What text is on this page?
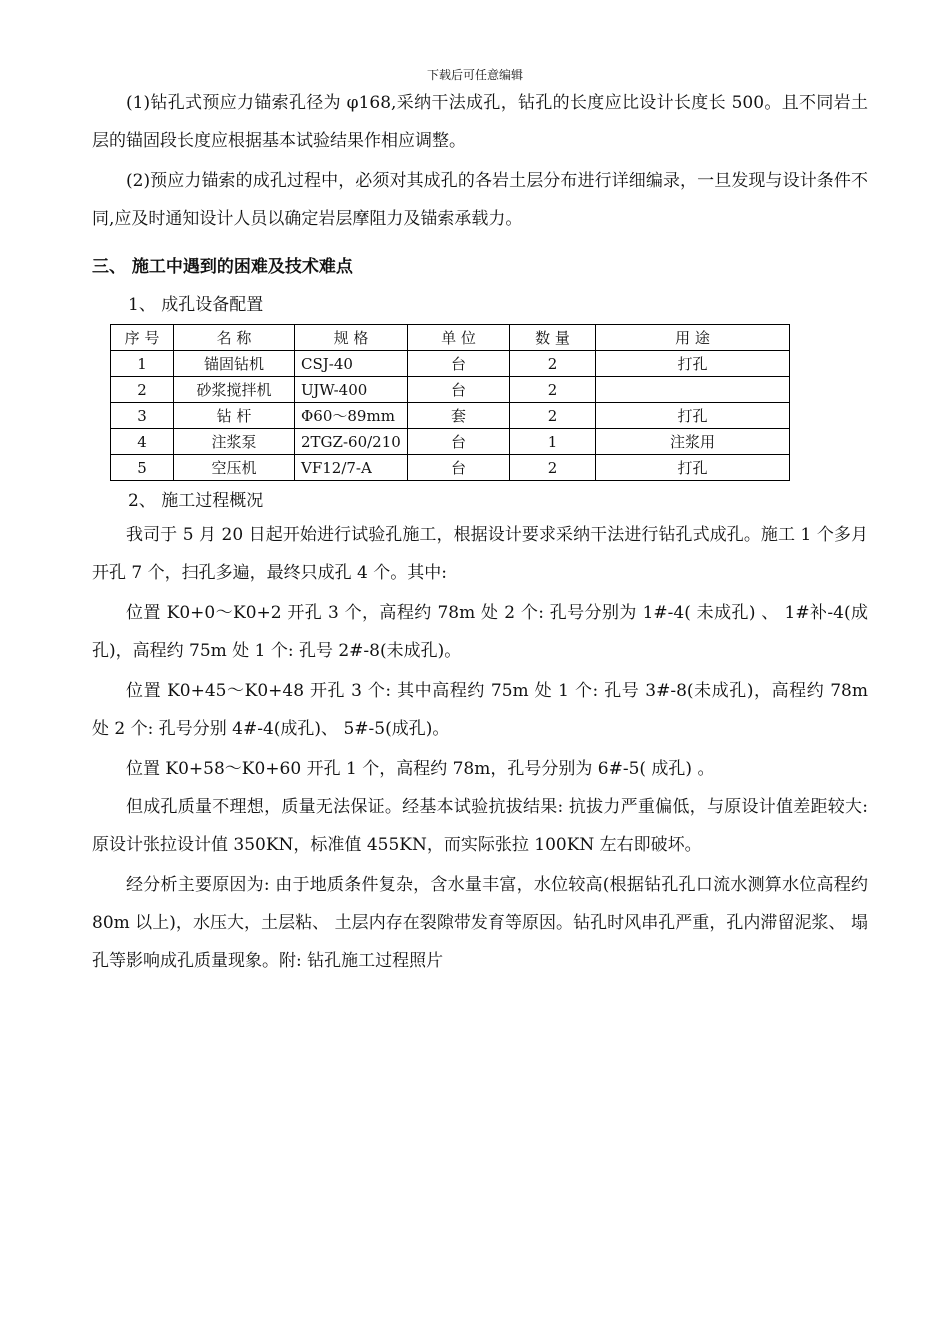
下载后可任意编辑

(1)钻孔式预应力锚索孔径为 φ168,采纳干法成孔，钻孔的长度应比设计长度长 500。且不同岩土层的锚固段长度应根据基本试验结果作相应调整。

(2)预应力锚索的成孔过程中，必须对其成孔的各岩土层分布进行详细编录，一旦发现与设计条件不同,应及时通知设计人员以确定岩层摩阻力及锚索承载力。

三、 施工中遇到的困难及技术难点

1、 成孔设备配置

序 号	名 称	规 格	单 位	数 量	用 途
1	锚固钻机	CSJ-40	台	2	打孔
2	砂浆搅拌机	UJW-400	台	2	
3	钻 杆	Φ60～89mm	套	2	打孔
4	注浆泵	2TGZ-60/210	台	1	注浆用
5	空压机	VF12/7-A	台	2	打孔

2、 施工过程概况

我司于 5 月 20 日起开始进行试验孔施工，根据设计要求采纳干法进行钻孔式成孔。施工 1 个多月开孔 7 个，扫孔多遍，最终只成孔 4 个。其中:

位置 K0+0～K0+2 开孔 3 个，高程约 78m 处 2 个: 孔号分别为 1#-4( 未成孔) 、 1#补-4(成孔)，高程约 75m 处 1 个: 孔号 2#-8(未成孔)。

位置 K0+45～K0+48 开孔 3 个: 其中高程约 75m 处 1 个: 孔号 3#-8(未成孔)，高程约 78m 处 2 个: 孔号分别 4#-4(成孔)、 5#-5(成孔)。

位置 K0+58～K0+60 开孔 1 个，高程约 78m，孔号分别为 6#-5( 成孔) 。

但成孔质量不理想，质量无法保证。经基本试验抗拔结果: 抗拔力严重偏低，与原设计值差距较大: 原设计张拉设计值 350KN，标准值 455KN，而实际张拉 100KN 左右即破坏。

经分析主要原因为: 由于地质条件复杂，含水量丰富，水位较高(根据钻孔孔口流水测算水位高程约 80m 以上)，水压大，土层粘、 土层内存在裂隙带发育等原因。钻孔时风串孔严重，孔内滞留泥浆、 塌孔等影响成孔质量现象。附: 钻孔施工过程照片
